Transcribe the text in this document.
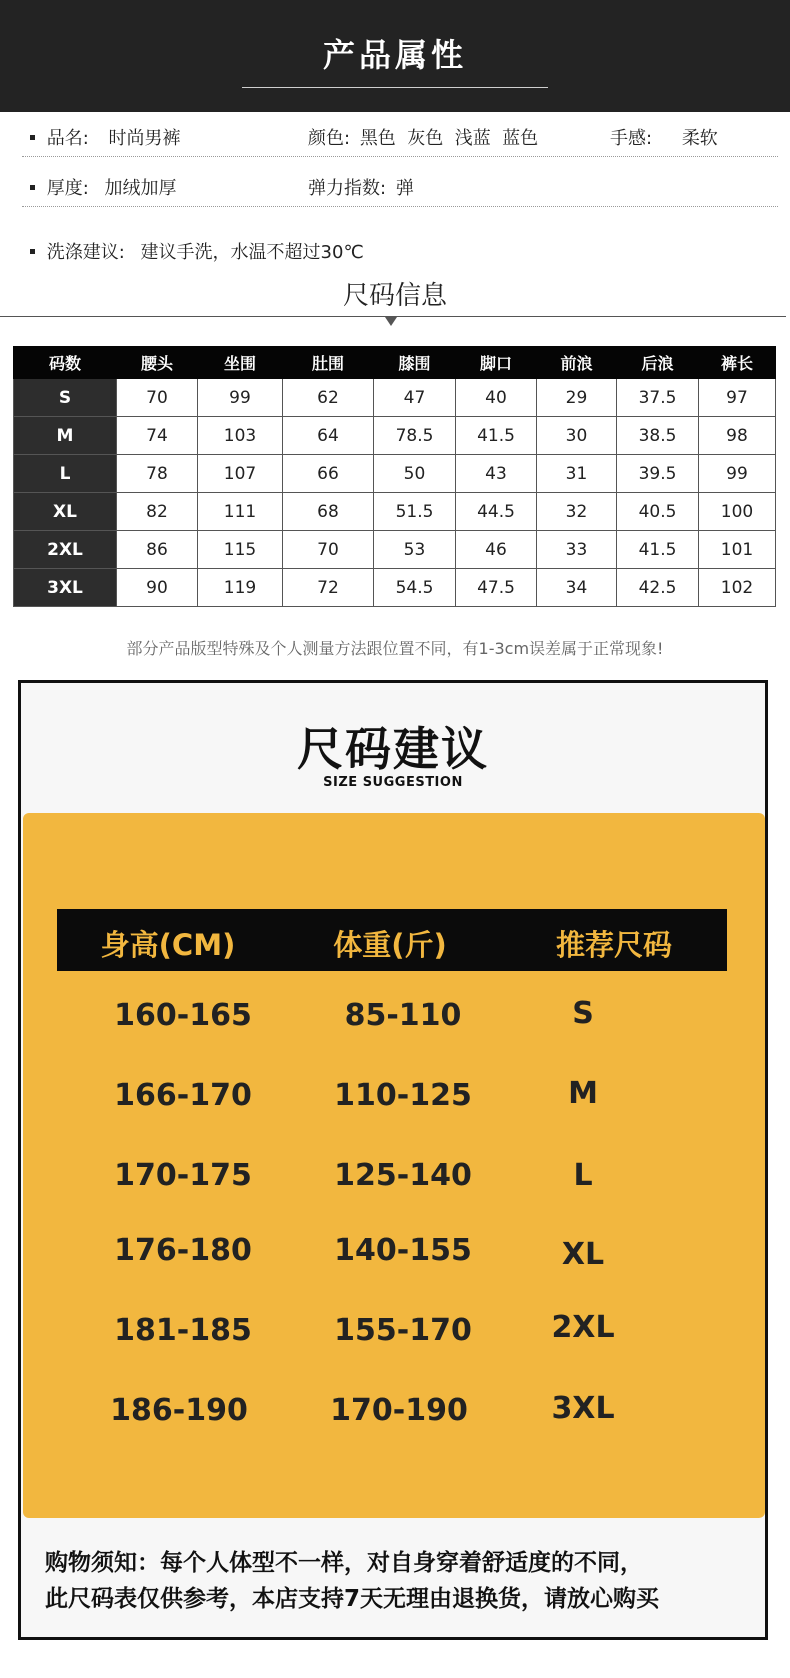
产品属性
品名: 时尚男裤	颜色: 黑色  灰色  浅蓝  蓝色	手感: 柔软
厚度: 加绒加厚	弹力指数: 弹
洗涤建议: 建议手洗，水温不超过30℃
尺码信息
码数	腰头	坐围	肚围	膝围	脚口	前浪	后浪	裤长
S	70	99	62	47	40	29	37.5	97
M	74	103	64	78.5	41.5	30	38.5	98
L	78	107	66	50	43	31	39.5	99
XL	82	111	68	51.5	44.5	32	40.5	100
2XL	86	115	70	53	46	33	41.5	101
3XL	90	119	72	54.5	47.5	34	42.5	102
部分产品版型特殊及个人测量方法跟位置不同，有1-3cm误差属于正常现象!
尺码建议
SIZE SUGGESTION
身高(CM)	体重(斤)	推荐尺码
160-165	85-110	S
166-170	110-125	M
170-175	125-140	L
176-180	140-155	XL
181-185	155-170	2XL
186-190	170-190	3XL
购物须知：每个人体型不一样，对自身穿着舒适度的不同，
此尺码表仅供参考，本店支持7天无理由退换货，请放心购买
